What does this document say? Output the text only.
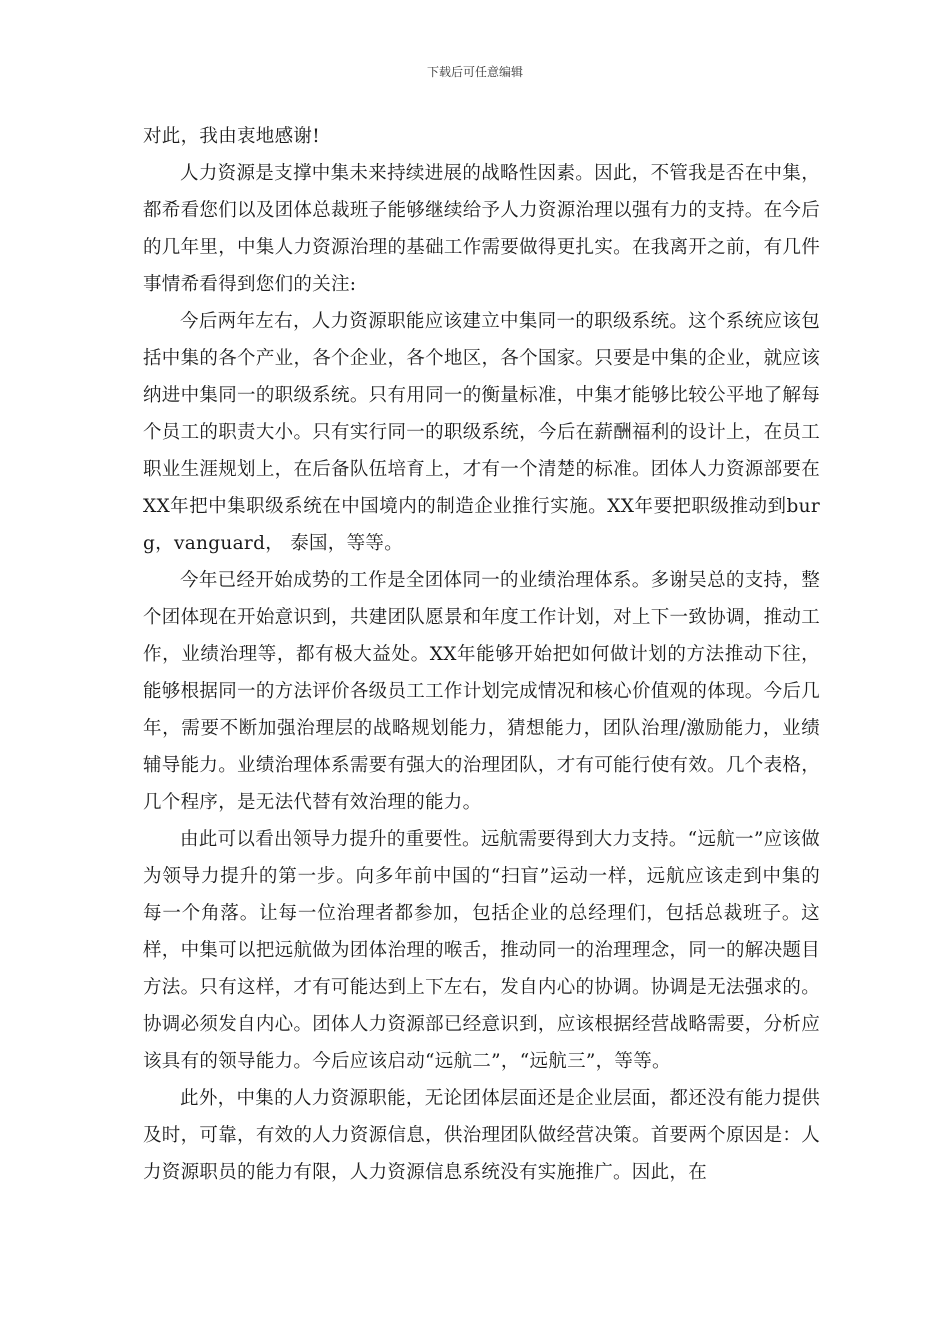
下载后可任意编辑

对此，我由衷地感谢!

人力资源是支撑中集未来持续进展的战略性因素。因此，不管我是否在中集，都希看您们以及团体总裁班子能够继续给予人力资源治理以强有力的支持。在今后的几年里，中集人力资源治理的基础工作需要做得更扎实。在我离开之前，有几件事情希看得到您们的关注:

今后两年左右，人力资源职能应该建立中集同一的职级系统。这个系统应该包括中集的各个产业，各个企业，各个地区，各个国家。只要是中集的企业，就应该纳进中集同一的职级系统。只有用同一的衡量标准，中集才能够比较公平地了解每个员工的职责大小。只有实行同一的职级系统，今后在薪酬福利的设计上，在员工职业生涯规划上，在后备队伍培育上，才有一个清楚的标准。团体人力资源部要在XX年把中集职级系统在中国境内的制造企业推行实施。XX年要把职级推动到burg，vanguard， 泰国，等等。

今年已经开始成势的工作是全团体同一的业绩治理体系。多谢吴总的支持，整个团体现在开始意识到，共建团队愿景和年度工作计划，对上下一致协调，推动工作，业绩治理等，都有极大益处。XX年能够开始把如何做计划的方法推动下往，能够根据同一的方法评价各级员工工作计划完成情况和核心价值观的体现。今后几年，需要不断加强治理层的战略规划能力，猜想能力，团队治理/激励能力，业绩辅导能力。业绩治理体系需要有强大的治理团队，才有可能行使有效。几个表格，几个程序，是无法代替有效治理的能力。

由此可以看出领导力提升的重要性。远航需要得到大力支持。“远航一”应该做为领导力提升的第一步。向多年前中国的“扫盲”运动一样，远航应该走到中集的每一个角落。让每一位治理者都参加，包括企业的总经理们，包括总裁班子。这样，中集可以把远航做为团体治理的喉舌，推动同一的治理理念，同一的解决题目方法。只有这样，才有可能达到上下左右，发自内心的协调。协调是无法强求的。协调必须发自内心。团体人力资源部已经意识到，应该根据经营战略需要，分析应该具有的领导能力。今后应该启动“远航二”，“远航三”，等等。

此外，中集的人力资源职能，无论团体层面还是企业层面，都还没有能力提供及时，可靠，有效的人力资源信息，供治理团队做经营决策。首要两个原因是：人力资源职员的能力有限，人力资源信息系统没有实施推广。因此，在
